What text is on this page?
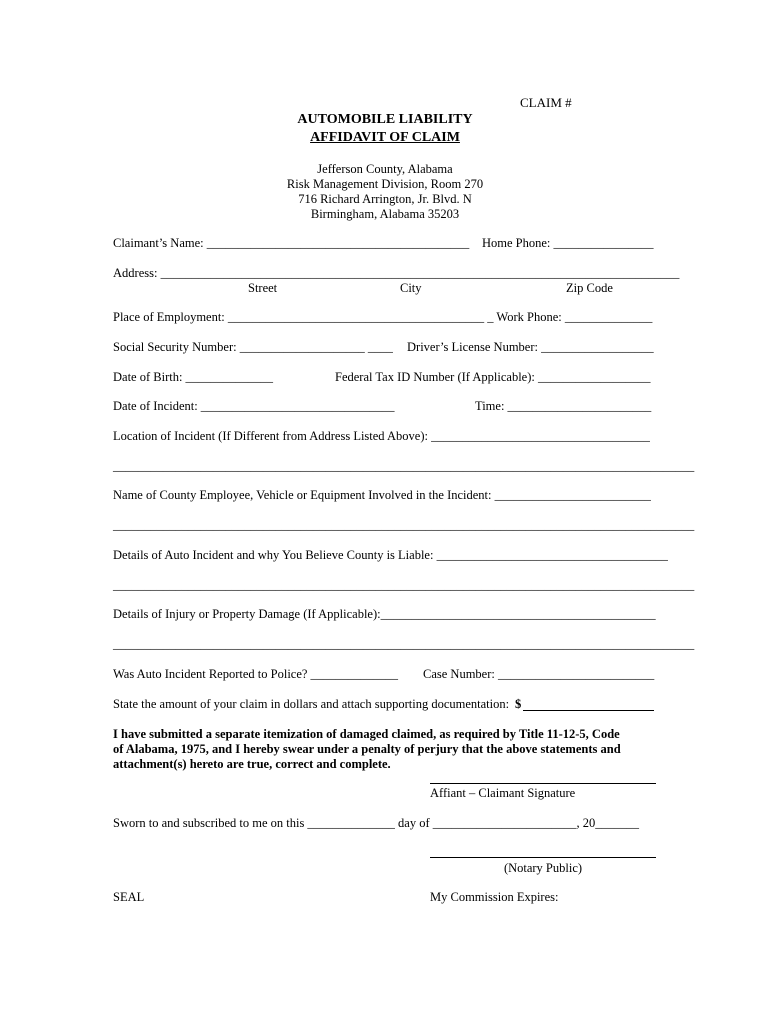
CLAIM #
AUTOMOBILE LIABILITY
AFFIDAVIT OF CLAIM
Jefferson County, Alabama
Risk Management Division, Room 270
716 Richard Arrington, Jr. Blvd. N
Birmingham, Alabama 35203
Claimant’s Name: __________________________________________ Home Phone: ________________
Address: ___________________________________________________________________________________
Street	City	Zip Code
Place of Employment: _________________________________________ _ Work Phone: ______________
Social Security Number: ____________________ ____ Driver’s License Number: __________________
Date of Birth: ______________	Federal Tax ID Number (If Applicable): __________________
Date of Incident: _______________________________	Time: _______________________
Location of Incident (If Different from Address Listed Above): ___________________________________
_____________________________________________________________________________________________
Name of County Employee, Vehicle or Equipment Involved in the Incident: _________________________
_____________________________________________________________________________________________
Details of Auto Incident and why You Believe County is Liable: _____________________________________
_____________________________________________________________________________________________
Details of Injury or Property Damage (If Applicable):____________________________________________
_____________________________________________________________________________________________
Was Auto Incident Reported to Police? ______________ Case Number: _________________________
State the amount of your claim in dollars and attach supporting documentation: $
I have submitted a separate itemization of damaged claimed, as required by Title 11-12-5, Code of Alabama, 1975, and I hereby swear under a penalty of perjury that the above statements and attachment(s) hereto are true, correct and complete.
Affiant – Claimant Signature
Sworn to and subscribed to me on this ______________ day of _______________________, 20_______
(Notary Public)
SEAL	My Commission Expires:
